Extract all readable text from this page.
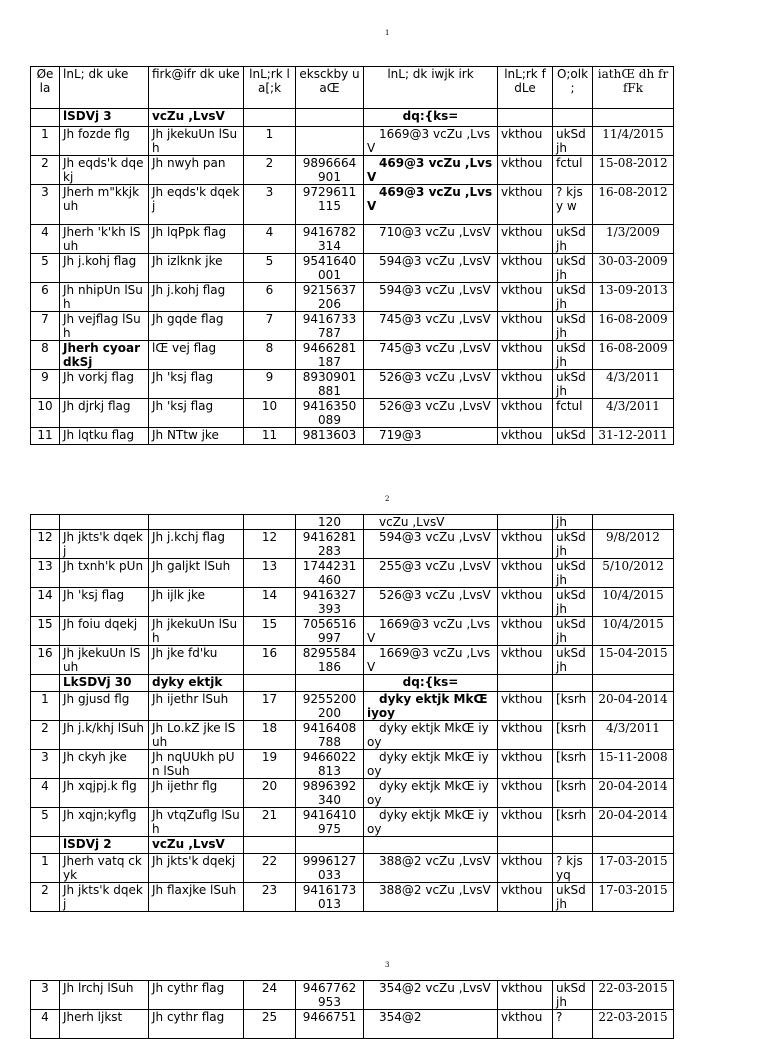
1
2
3
Øe la	lnL; dk uke	firk@ifr dk uke	lnL;rk la[;k	eksckby uaŒ	lnL; dk iwjk irk	lnL;rk fdLe	O;olk ;	iathŒ dh frfFk
	lSDVj 3	vcZu ,LvsV			dq:{ks=			
1	Jh fozde flg	Jh jkekuUn lSuh	1		1669@3 vcZu ,LvsV	vkthou	ukSd jh	11/4/2015
2	Jh eqds'k dqekj	Jh nwyh pan	2	9896664 901	469@3 vcZu ,LvsV	vkthou	fctul	15-08-2012
3	Jherh m"kkjkuh	Jh eqds'k dqekj	3	9729611 115	469@3 vcZu ,LvsV	vkthou	? kjsy w	16-08-2012
4	Jherh 'k'kh lSuh	Jh lqPpk flag	4	9416782 314	710@3 vcZu ,LvsV	vkthou	ukSd jh	1/3/2009
5	Jh j.kohj flag	Jh izlknk jke	5	9541640 001	594@3 vcZu ,LvsV	vkthou	ukSd jh	30-03-2009
6	Jh nhipUn lSuh	Jh j.kohj flag	6	9215637 206	594@3 vcZu ,LvsV	vkthou	ukSd jh	13-09-2013
7	Jh vejflag lSuh	Jh gqde flag	7	9416733 787	745@3 vcZu ,LvsV	vkthou	ukSd jh	16-08-2009
8	Jherh cyoar dkSj	lŒ vej flag	8	9466281 187	745@3 vcZu ,LvsV	vkthou	ukSd jh	16-08-2009
9	Jh vorkj flag	Jh 'ksj flag	9	8930901 881	526@3 vcZu ,LvsV	vkthou	ukSd jh	4/3/2011
10	Jh djrkj flag	Jh 'ksj flag	10	9416350 089	526@3 vcZu ,LvsV	vkthou	fctul	4/3/2011
11	Jh lqtku flag	Jh NTtw jke	11	9813603	719@3	vkthou	ukSd	31-12-2011
				120	vcZu ,LvsV		jh	
12	Jh jkts'k dqekj	Jh j.kchj flag	12	9416281 283	594@3 vcZu ,LvsV	vkthou	ukSd jh	9/8/2012
13	Jh txnh'k pUn	Jh galjkt lSuh	13	1744231 460	255@3 vcZu ,LvsV	vkthou	ukSd jh	5/10/2012
14	Jh 'ksj flag	Jh ijlk jke	14	9416327 393	526@3 vcZu ,LvsV	vkthou	ukSd jh	10/4/2015
15	Jh foiu dqekj	Jh jkekuUn lSuh	15	7056516 997	1669@3 vcZu ,LvsV	vkthou	ukSd jh	10/4/2015
16	Jh jkekuUn lSuh	Jh jke fd'ku	16	8295584 186	1669@3 vcZu ,LvsV	vkthou	ukSd jh	15-04-2015
	LkSDVj 30	dyky ektjk			dq:{ks=			
1	Jh gjusd flg	Jh ijethr lSuh	17	9255200 200	dyky ektjk MkŒ iyoy	vkthou	[ksrh	20-04-2014
2	Jh j.k/khj lSuh	Jh Lo.kZ jke lSuh	18	9416408 788	dyky ektjk MkŒ iyoy	vkthou	[ksrh	4/3/2011
3	Jh ckyh jke	Jh nqUUkh pUn lSuh	19	9466022 813	dyky ektjk MkŒ iyoy	vkthou	[ksrh	15-11-2008
4	Jh xqjpj.k flg	Jh ijethr flg	20	9896392 340	dyky ektjk MkŒ iyoy	vkthou	[ksrh	20-04-2014
5	Jh xqjn;kyflg	Jh vtqZuflg lSuh	21	9416410 975	dyky ektjk MkŒ iyoy	vkthou	[ksrh	20-04-2014
	lSDVj 2	vcZu ,LvsV						
1	Jherh vatq ckyk	Jh jkts'k dqekj	22	9996127 033	388@2 vcZu ,LvsV	vkthou	? kjsyq	17-03-2015
2	Jh jkts'k dqekj	Jh flaxjke lSuh	23	9416173 013	388@2 vcZu ,LvsV	vkthou	ukSd jh	17-03-2015
3	Jh lrchj lSuh	Jh cythr flag	24	9467762 953	354@2 vcZu ,LvsV	vkthou	ukSd jh	22-03-2015
4	Jherh ljkst	Jh cythr flag	25	9466751	354@2	vkthou	?	22-03-2015
